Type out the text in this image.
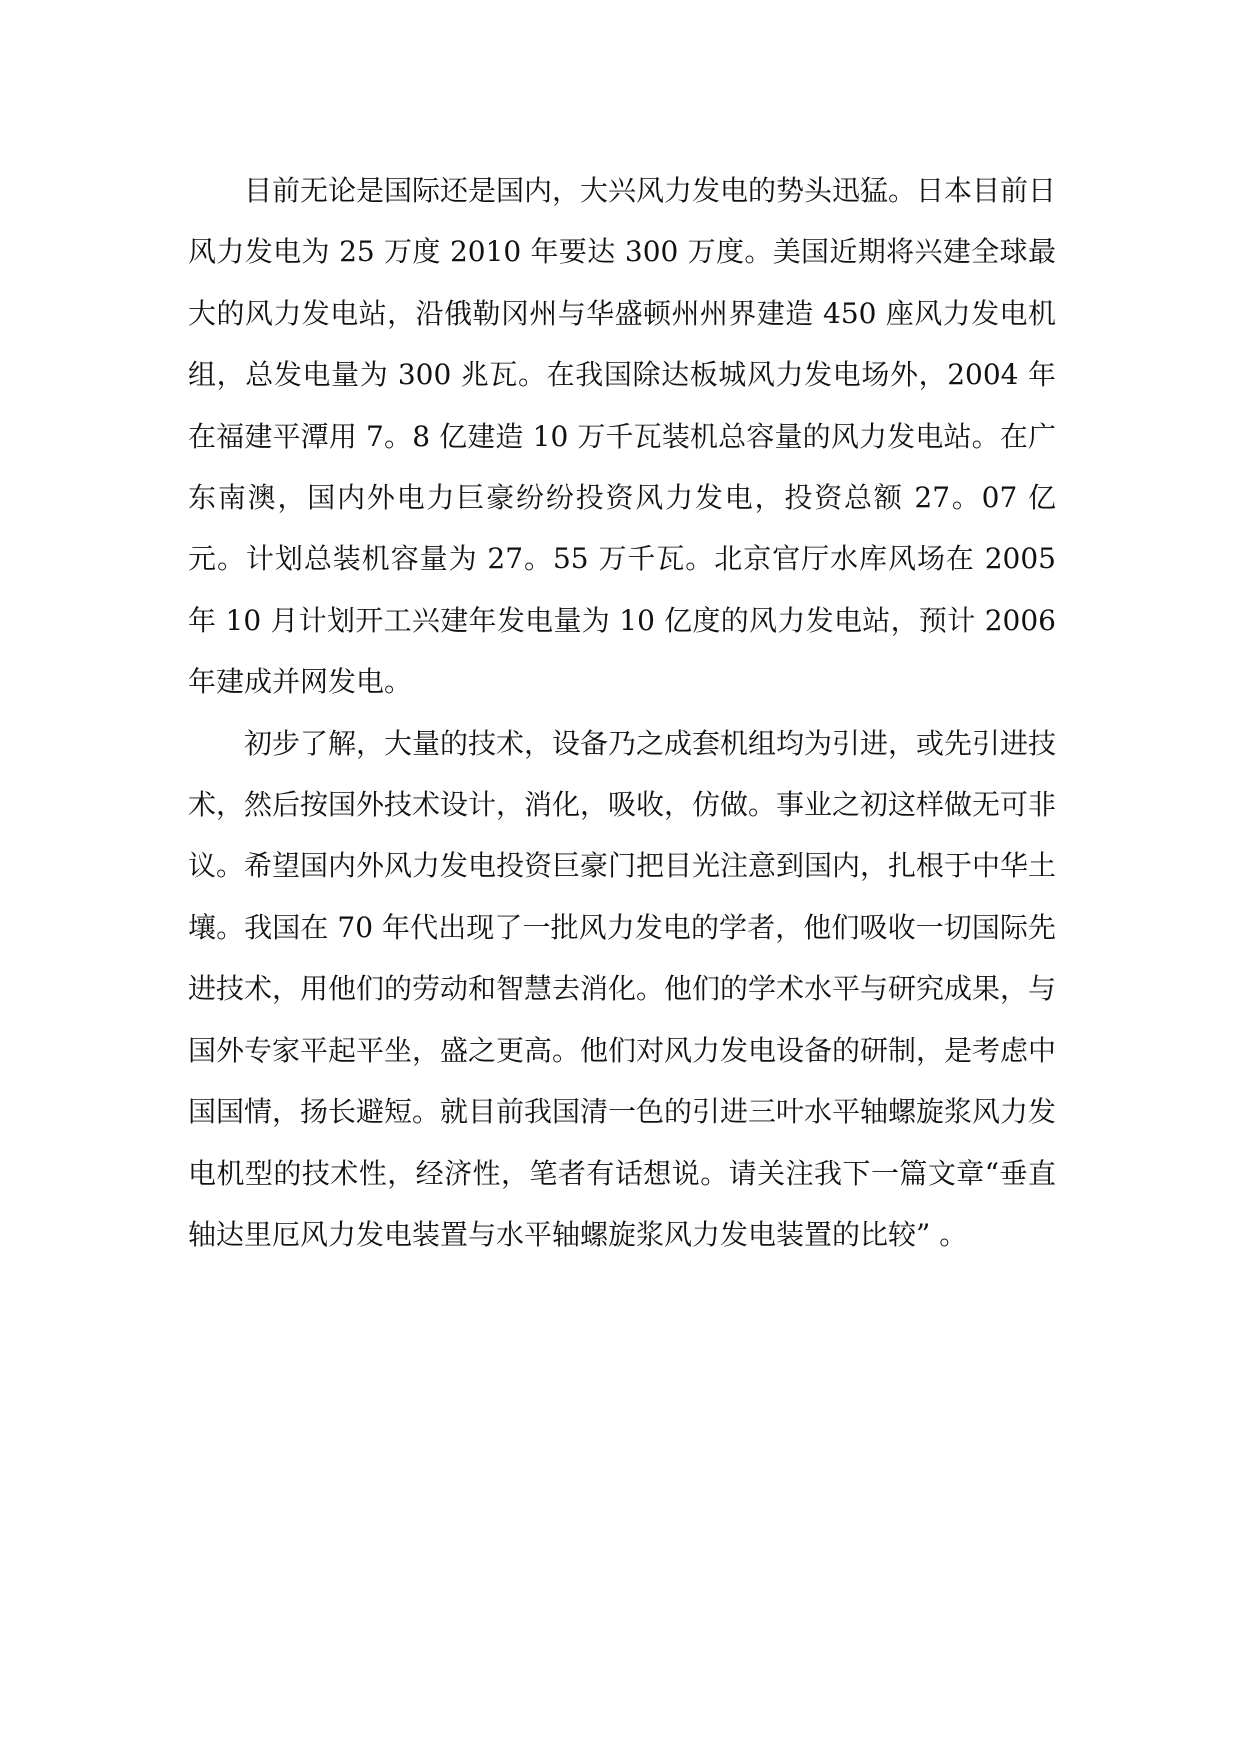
目前无论是国际还是国内，大兴风力发电的势头迅猛。日本目前日风力发电为 25 万度 2010 年要达 300 万度。美国近期将兴建全球最大的风力发电站，沿俄勒冈州与华盛顿州州界建造 450 座风力发电机组，总发电量为 300 兆瓦。在我国除达板城风力发电场外，2004 年在福建平潭用 7。8 亿建造 10 万千瓦装机总容量的风力发电站。在广东南澳，国内外电力巨豪纷纷投资风力发电，投资总额 27。07 亿元。计划总装机容量为 27。55 万千瓦。北京官厅水库风场在 2005 年 10 月计划开工兴建年发电量为 10 亿度的风力发电站，预计 2006 年建成并网发电。

初步了解，大量的技术，设备乃之成套机组均为引进，或先引进技术，然后按国外技术设计，消化，吸收，仿做。事业之初这样做无可非议。希望国内外风力发电投资巨豪门把目光注意到国内，扎根于中华土壤。我国在 70 年代出现了一批风力发电的学者，他们吸收一切国际先进技术，用他们的劳动和智慧去消化。他们的学术水平与研究成果，与国外专家平起平坐，盛之更高。他们对风力发电设备的研制，是考虑中国国情，扬长避短。就目前我国清一色的引进三叶水平轴螺旋浆风力发电机型的技术性，经济性，笔者有话想说。请关注我下一篇文章“垂直轴达里厄风力发电装置与水平轴螺旋浆风力发电装置的比较” 。
